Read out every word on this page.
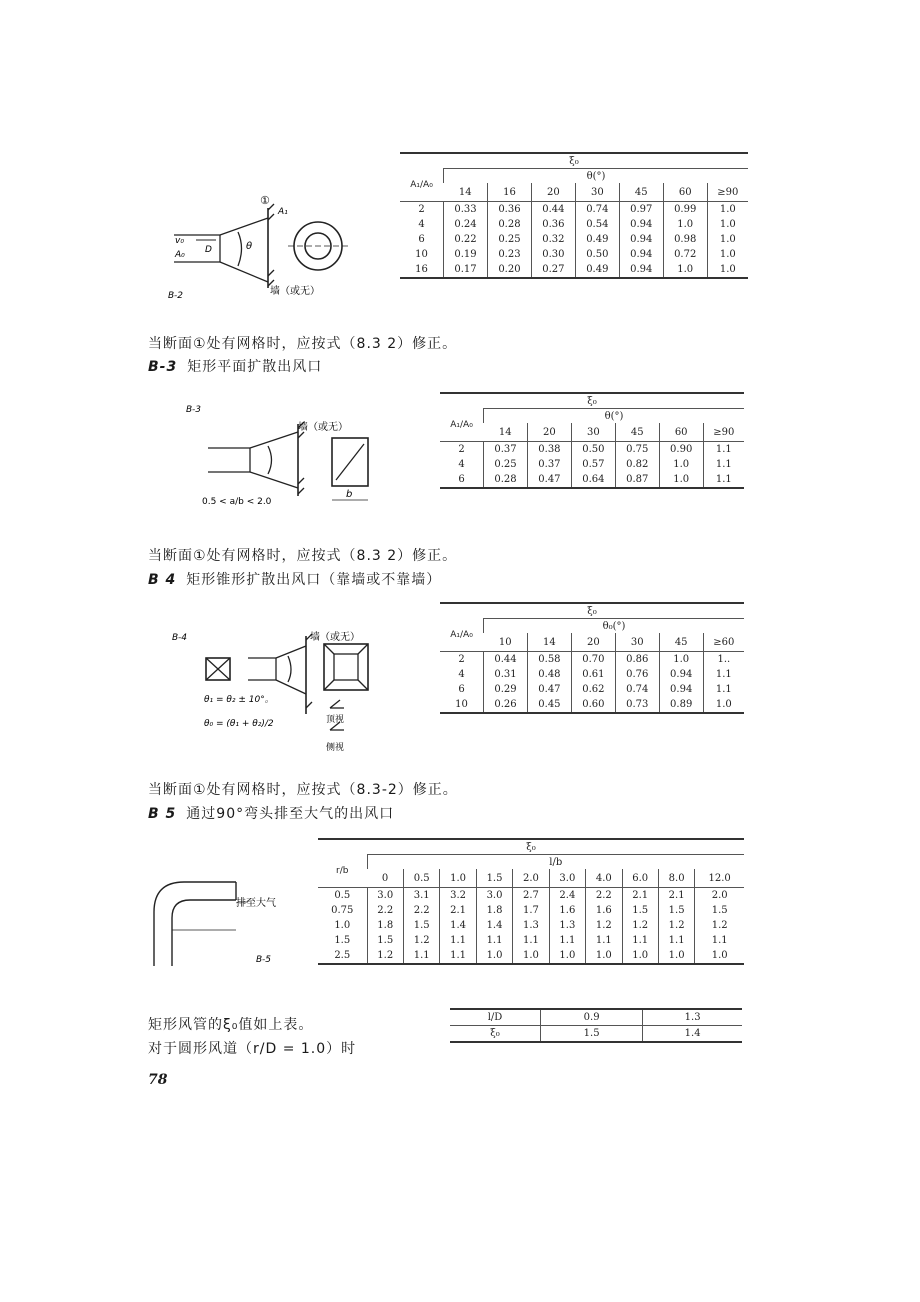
θ
v₀
A₀ D
A₁
①
墙（或无）
B-2
ξ₀							
A₁/A₀	θ(°)						
	14	16	20	30	45	60	≥90
2	0.33	0.36	0.44	0.74	0.97	0.99	1.0
4	0.24	0.28	0.36	0.54	0.94	1.0	1.0
6	0.22	0.25	0.32	0.49	0.94	0.98	1.0
10	0.19	0.23	0.30	0.50	0.94	0.72	1.0
16	0.17	0.20	0.27	0.49	0.94	1.0	1.0
当断面①处有网格时，应按式（8.3 2）修正。
B-3 矩形平面扩散出风口
B-3
墙（或无）
0.5 < a/b < 2.0
b
ξ₀						
A₁/A₀	θ(°)					
	14	20	30	45	60	≥90
2	0.37	0.38	0.50	0.75	0.90	1.1
4	0.25	0.37	0.57	0.82	1.0	1.1
6	0.28	0.47	0.64	0.87	1.0	1.1
当断面①处有网格时，应按式（8.3 2）修正。
B 4 矩形锥形扩散出风口（靠墙或不靠墙）
B-4	墙（或无）
θ₁ = θ₂ ± 10°。
θ₀ = (θ₁ + θ₂)/2	顶视
侧视
ξ₀						
A₁/A₀	θ₀(°)					
	10	14	20	30	45	≥60
2	0.44	0.58	0.70	0.86	1.0	1..
4	0.31	0.48	0.61	0.76	0.94	1.1
6	0.29	0.47	0.62	0.74	0.94	1.1
10	0.26	0.45	0.60	0.73	0.89	1.0
当断面①处有网格时，应按式（8.3-2）修正。
B 5 通过90°弯头排至大气的出风口
排至大气
B-5
ξ₀										
r/b	l/b									
	0	0.5	1.0	1.5	2.0	3.0	4.0	6.0	8.0	12.0
0.5	3.0	3.1	3.2	3.0	2.7	2.4	2.2	2.1	2.1	2.0
0.75	2.2	2.2	2.1	1.8	1.7	1.6	1.6	1.5	1.5	1.5
1.0	1.8	1.5	1.4	1.4	1.3	1.3	1.2	1.2	1.2	1.2
1.5	1.5	1.2	1.1	1.1	1.1	1.1	1.1	1.1	1.1	1.1
2.5	1.2	1.1	1.1	1.0	1.0	1.0	1.0	1.0	1.0	1.0
矩形风管的ξ₀值如上表。
对于圆形风道（r/D = 1.0）时
l/D	0.9	1.3
ξ₀	1.5	1.4
78
